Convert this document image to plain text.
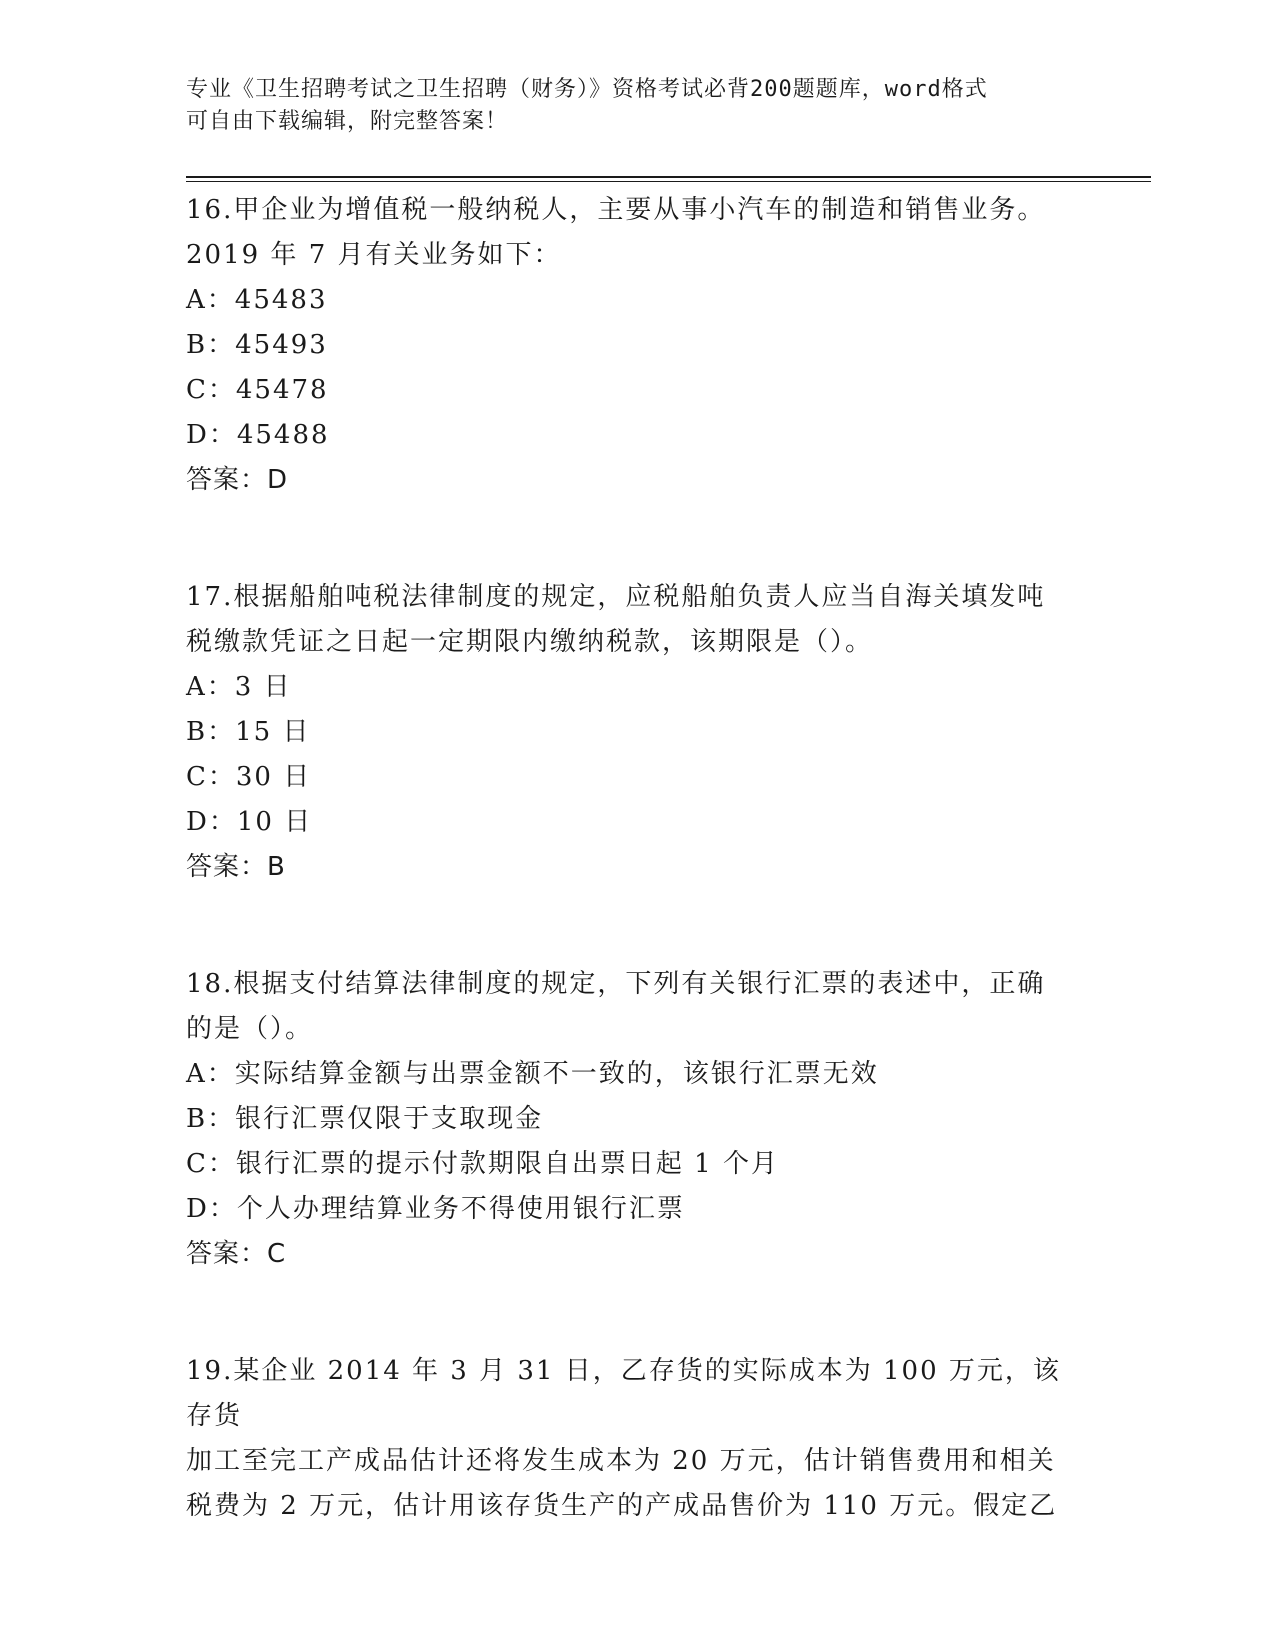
专业《卫生招聘考试之卫生招聘（财务）》资格考试必背200题题库，word格式
可自由下载编辑，附完整答案！

16.甲企业为增值税一般纳税人，主要从事小汽车的制造和销售业务。

2019 年 7 月有关业务如下：

A：45483

B：45493

C：45478

D：45488

答案：D

17.根据船舶吨税法律制度的规定，应税船舶负责人应当自海关填发吨

税缴款凭证之日起一定期限内缴纳税款，该期限是（）。

A：3 日

B：15 日

C：30 日

D：10 日

答案：B

18.根据支付结算法律制度的规定，下列有关银行汇票的表述中，正确

的是（）。

A：实际结算金额与出票金额不一致的，该银行汇票无效

B：银行汇票仅限于支取现金

C：银行汇票的提示付款期限自出票日起 1 个月

D：个人办理结算业务不得使用银行汇票

答案：C

19.某企业 2014 年 3 月 31 日，乙存货的实际成本为 100 万元，该存货

加工至完工产成品估计还将发生成本为 20 万元，估计销售费用和相关

税费为 2 万元，估计用该存货生产的产成品售价为 110 万元。假定乙
